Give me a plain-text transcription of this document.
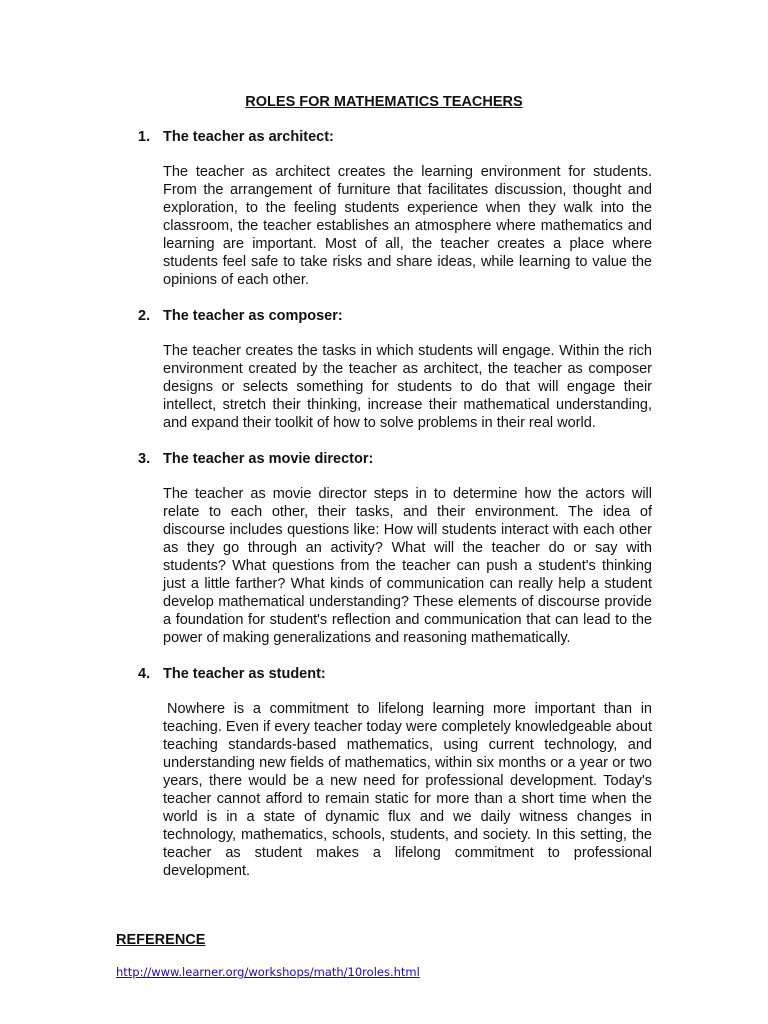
ROLES FOR MATHEMATICS TEACHERS
1. The teacher as architect:

The teacher as architect creates the learning environment for students. From the arrangement of furniture that facilitates discussion, thought and exploration, to the feeling students experience when they walk into the classroom, the teacher establishes an atmosphere where mathematics and learning are important. Most of all, the teacher creates a place where students feel safe to take risks and share ideas, while learning to value the opinions of each other.

2. The teacher as composer:

The teacher creates the tasks in which students will engage. Within the rich environment created by the teacher as architect, the teacher as composer designs or selects something for students to do that will engage their intellect, stretch their thinking, increase their mathematical understanding, and expand their toolkit of how to solve problems in their real world.

3. The teacher as movie director:

The teacher as movie director steps in to determine how the actors will relate to each other, their tasks, and their environment. The idea of discourse includes questions like: How will students interact with each other as they go through an activity? What will the teacher do or say with students? What questions from the teacher can push a student's thinking just a little farther? What kinds of communication can really help a student develop mathematical understanding? These elements of discourse provide a foundation for student's reflection and communication that can lead to the power of making generalizations and reasoning mathematically.

4. The teacher as student:

Nowhere is a commitment to lifelong learning more important than in teaching. Even if every teacher today were completely knowledgeable about teaching standards-based mathematics, using current technology, and understanding new fields of mathematics, within six months or a year or two years, there would be a new need for professional development. Today's teacher cannot afford to remain static for more than a short time when the world is in a state of dynamic flux and we daily witness changes in technology, mathematics, schools, students, and society. In this setting, the teacher as student makes a lifelong commitment to professional development.

REFERENCE
http://www.learner.org/workshops/math/10roles.html
